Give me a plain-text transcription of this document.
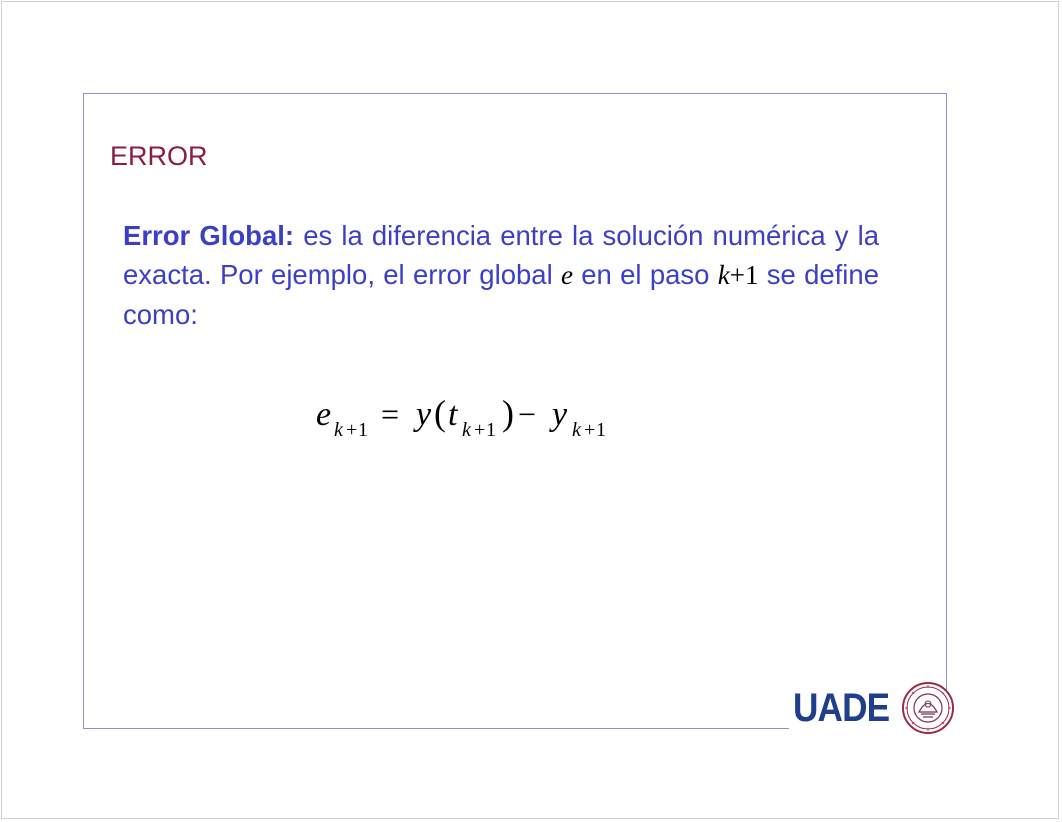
ERROR

Error Global: es la diferencia entre la solución numérica y la exacta. Por ejemplo, el error global e en el paso k+1 se define como:

e k + 1 = y ( t k + 1 ) − y k + 1
UADE
